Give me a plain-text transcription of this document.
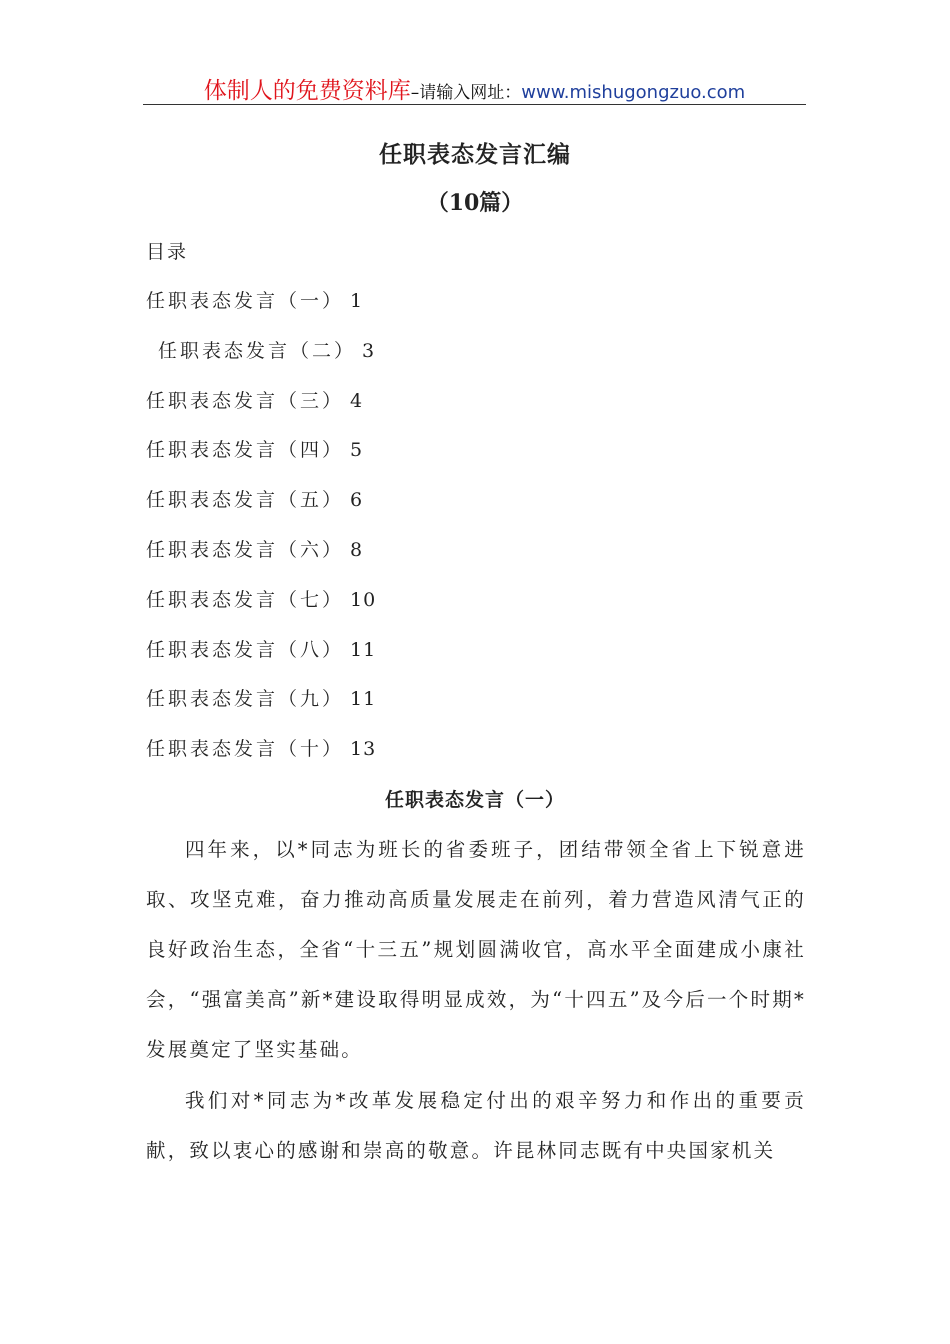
体制人的免费资料库–请输入网址：www.mishugongzuo.com
任职表态发言汇编
（10篇）
目录
任职表态发言（一） 1
任职表态发言（二） 3
任职表态发言（三） 4
任职表态发言（四） 5
任职表态发言（五） 6
任职表态发言（六） 8
任职表态发言（七） 10
任职表态发言（八） 11
任职表态发言（九） 11
任职表态发言（十） 13
任职表态发言（一）

四年来，以*同志为班长的省委班子，团结带领全省上下锐意进取、攻坚克难，奋力推动高质量发展走在前列，着力营造风清气正的良好政治生态，全省“十三五”规划圆满收官，高水平全面建成小康社会，“强富美高”新*建设取得明显成效，为“十四五”及今后一个时期*发展奠定了坚实基础。

我们对*同志为*改革发展稳定付出的艰辛努力和作出的重要贡献，致以衷心的感谢和崇高的敬意。许昆林同志既有中央国家机关
